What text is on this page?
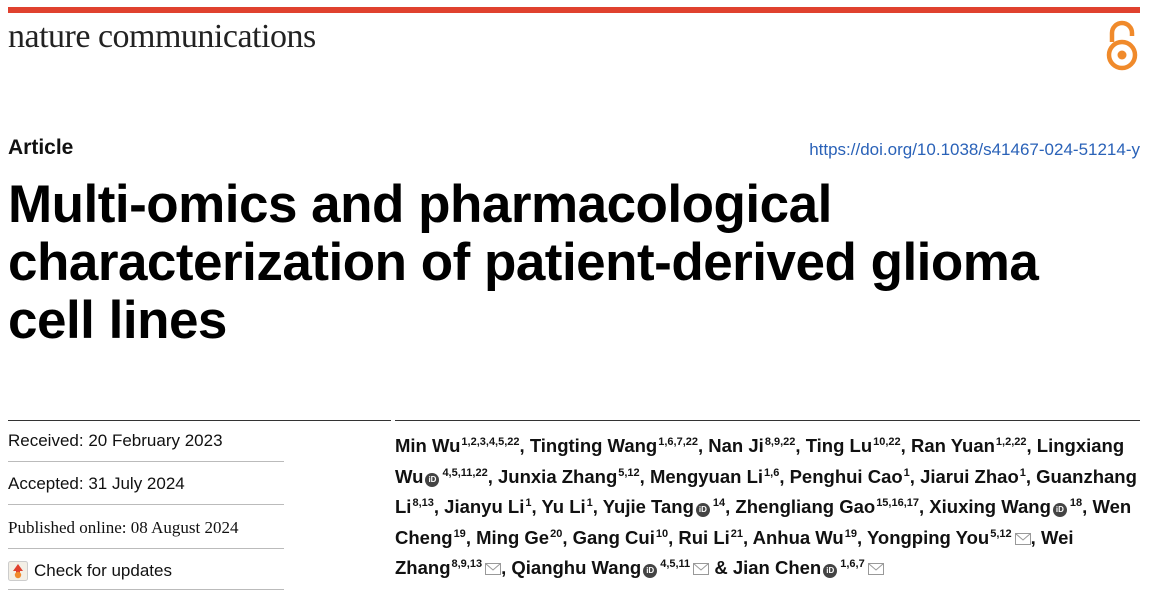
nature communications
Article	https://doi.org/10.1038/s41467-024-51214-y
Multi-omics and pharmacological characterization of patient-derived glioma cell lines
Received: 20 February 2023
Accepted: 31 July 2024
Published online: 08 August 2024
Check for updates
Min Wu$^{1,2,3,4,5,22}$, Tingting Wang$^{1,6,7,22}$, Nan Ji$^{8,9,22}$, Ting Lu$^{10,22}$, Ran Yuan$^{1,2,22}$, Lingxiang Wu iD$^{4,5,11,22}$, Junxia Zhang$^{5,12}$, Mengyuan Li$^{1,6}$, Penghui Cao$^1$, Jiarui Zhao$^1$, Guanzhang Li$^{8,13}$, Jianyu Li$^1$, Yu Li$^1$, Yujie Tang $iD^{14}$, Zhengliang Gao$^{15,16,17}$, Xiuxing Wang $iD^{18}$, Wen Cheng$^{19}$, Ming Ge$^{20}$, Gang Cui$^{10}$, Rui Li$^{21}$, Anhua Wu$^{19}$, Yongping You$^{5,12}$ , Wei Zhang$^{8,9,13}$ , Qianghu Wang iD$^{4,5,11}$ & Jian Chen iD$^{1,6,7}$
